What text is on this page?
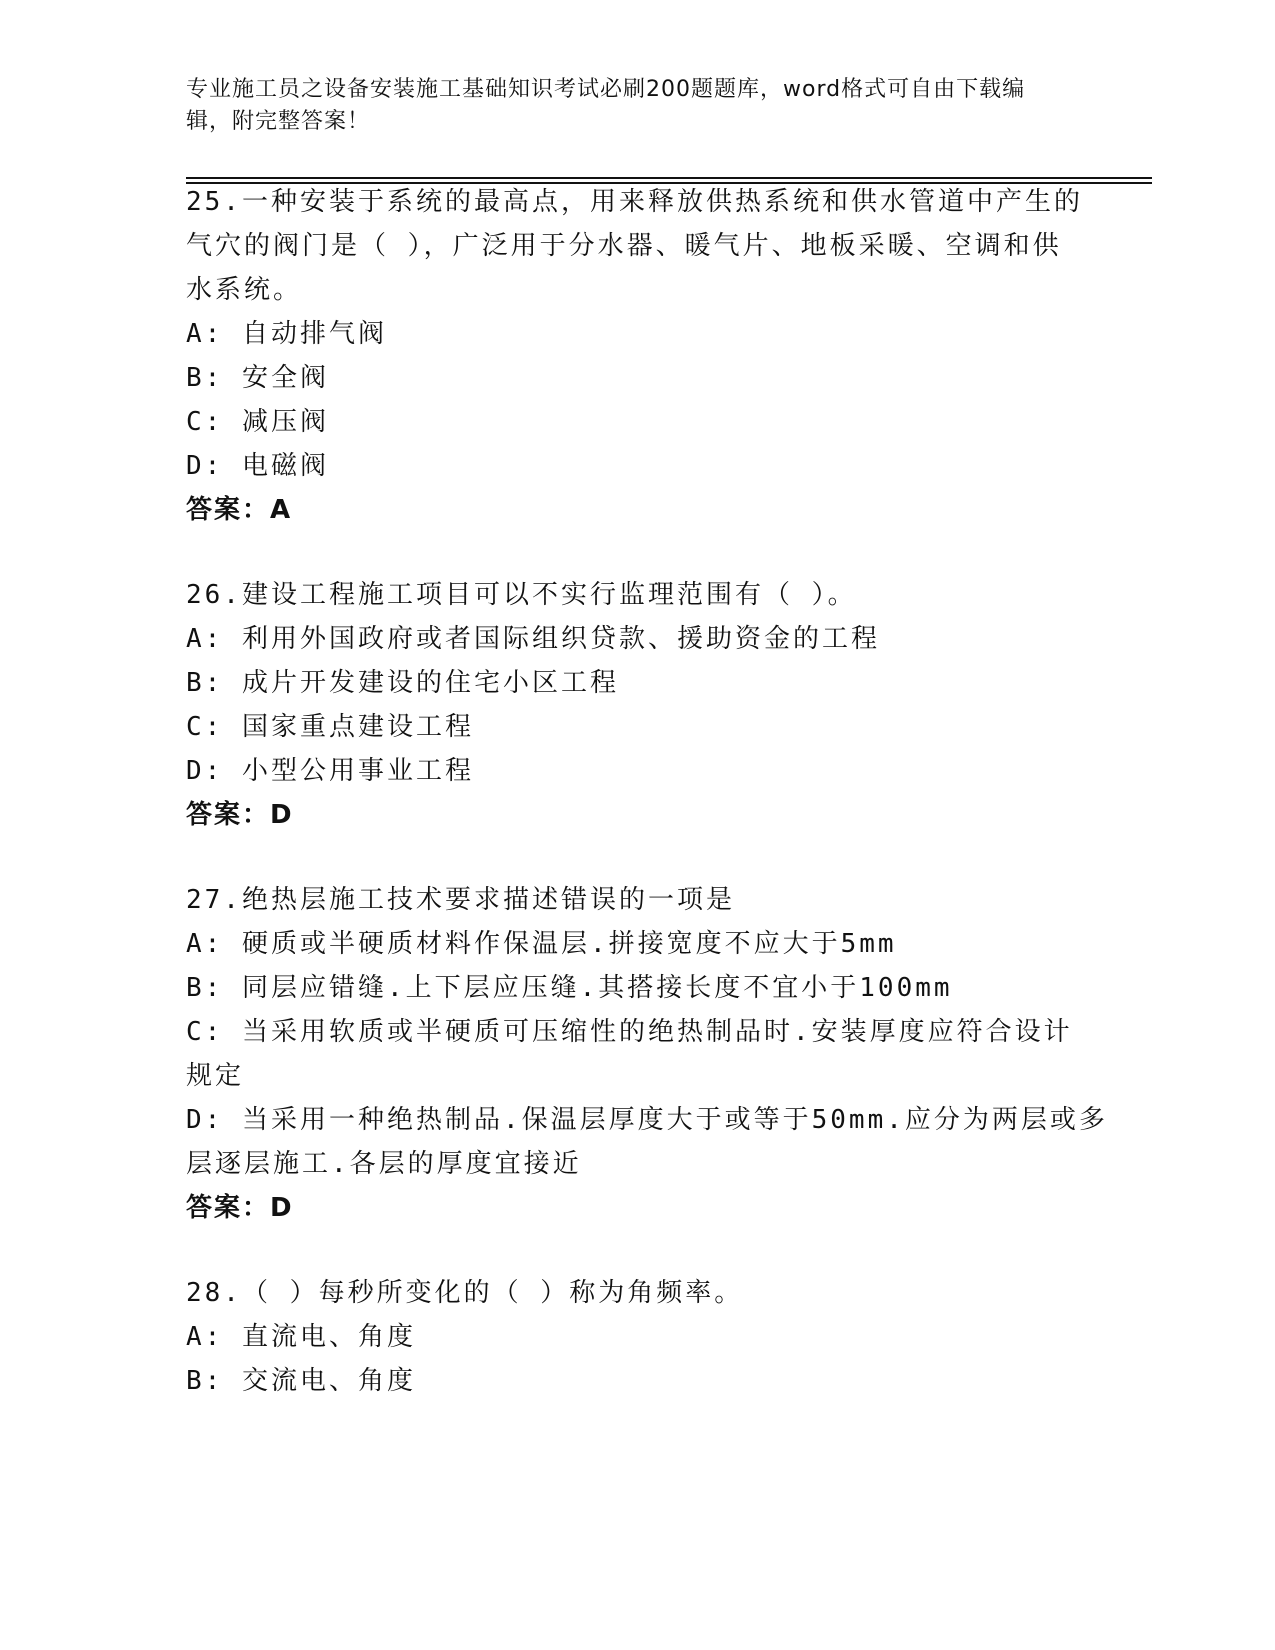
专业施工员之设备安装施工基础知识考试必刷200题题库，word格式可自由下载编辑，附完整答案！
25.一种安装于系统的最高点，用来释放供热系统和供水管道中产生的
气穴的阀门是（ ），广泛用于分水器、暖气片、地板采暖、空调和供
水系统。
A: 自动排气阀
B: 安全阀
C: 减压阀
D: 电磁阀
答案：A
26.建设工程施工项目可以不实行监理范围有（ ）。
A: 利用外国政府或者国际组织贷款、援助资金的工程
B: 成片开发建设的住宅小区工程
C: 国家重点建设工程
D: 小型公用事业工程
答案：D
27.绝热层施工技术要求描述错误的一项是
A: 硬质或半硬质材料作保温层.拼接宽度不应大于5mm
B: 同层应错缝.上下层应压缝.其搭接长度不宜小于100mm
C: 当采用软质或半硬质可压缩性的绝热制品时.安装厚度应符合设计
规定
D: 当采用一种绝热制品.保温层厚度大于或等于50mm.应分为两层或多
层逐层施工.各层的厚度宜接近
答案：D
28.（ ）每秒所变化的（ ）称为角频率。
A: 直流电、角度
B: 交流电、角度
